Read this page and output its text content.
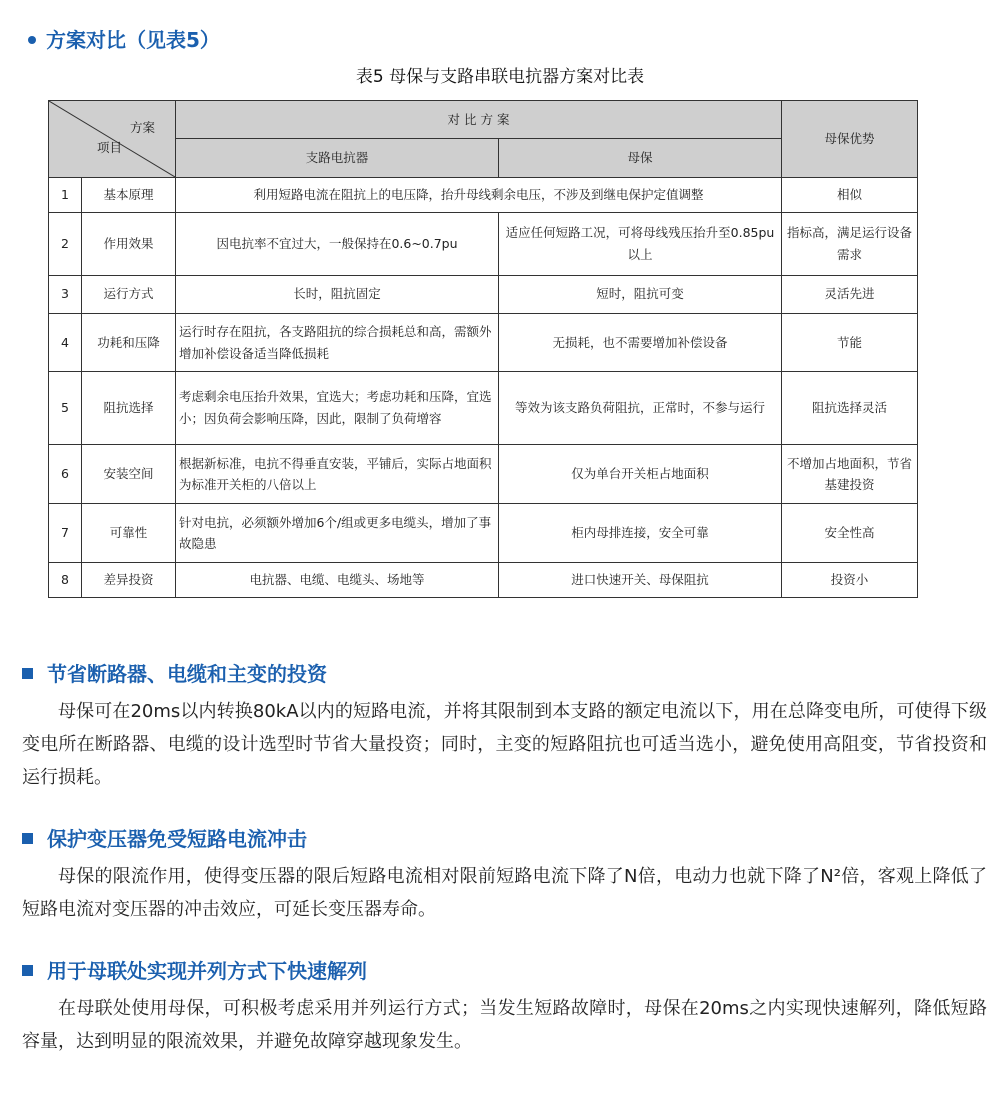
方案对比（见表5）
表5 母保与支路串联电抗器方案对比表
方案
项目		对 比 方 案		母保优势
		支路电抗器	母保	
1	基本原理	利用短路电流在阻抗上的电压降，抬升母线剩余电压，不涉及到继电保护定值调整		相似
2	作用效果	因电抗率不宜过大，一般保持在0.6~0.7pu	适应任何短路工况，可将母线残压抬升至0.85pu以上	指标高，满足运行设备需求
3	运行方式	长时，阻抗固定	短时，阻抗可变	灵活先进
4	功耗和压降	运行时存在阻抗，各支路阻抗的综合损耗总和高，需额外增加补偿设备适当降低损耗	无损耗，也不需要增加补偿设备	节能
5	阻抗选择	考虑剩余电压抬升效果，宜选大；考虑功耗和压降，宜选小；因负荷会影响压降，因此，限制了负荷增容	等效为该支路负荷阻抗，正常时，不参与运行	阻抗选择灵活
6	安装空间	根据新标准，电抗不得垂直安装，平铺后，实际占地面积为标准开关柜的八倍以上	仅为单台开关柜占地面积	不增加占地面积，节省基建投资
7	可靠性	针对电抗，必须额外增加6个/组或更多电缆头，增加了事故隐患	柜内母排连接，安全可靠	安全性高
8	差异投资	电抗器、电缆、电缆头、场地等	进口快速开关、母保阻抗	投资小
节省断路器、电缆和主变的投资
母保可在20ms以内转换80kA以内的短路电流，并将其限制到本支路的额定电流以下，用在总降变电所，可使得下级变电所在断路器、电缆的设计选型时节省大量投资；同时，主变的短路阻抗也可适当选小，避免使用高阻变，节省投资和运行损耗。
保护变压器免受短路电流冲击
母保的限流作用，使得变压器的限后短路电流相对限前短路电流下降了N倍，电动力也就下降了N²倍，客观上降低了短路电流对变压器的冲击效应，可延长变压器寿命。
用于母联处实现并列方式下快速解列
在母联处使用母保，可积极考虑采用并列运行方式；当发生短路故障时，母保在20ms之内实现快速解列，降低短路容量，达到明显的限流效果，并避免故障穿越现象发生。
